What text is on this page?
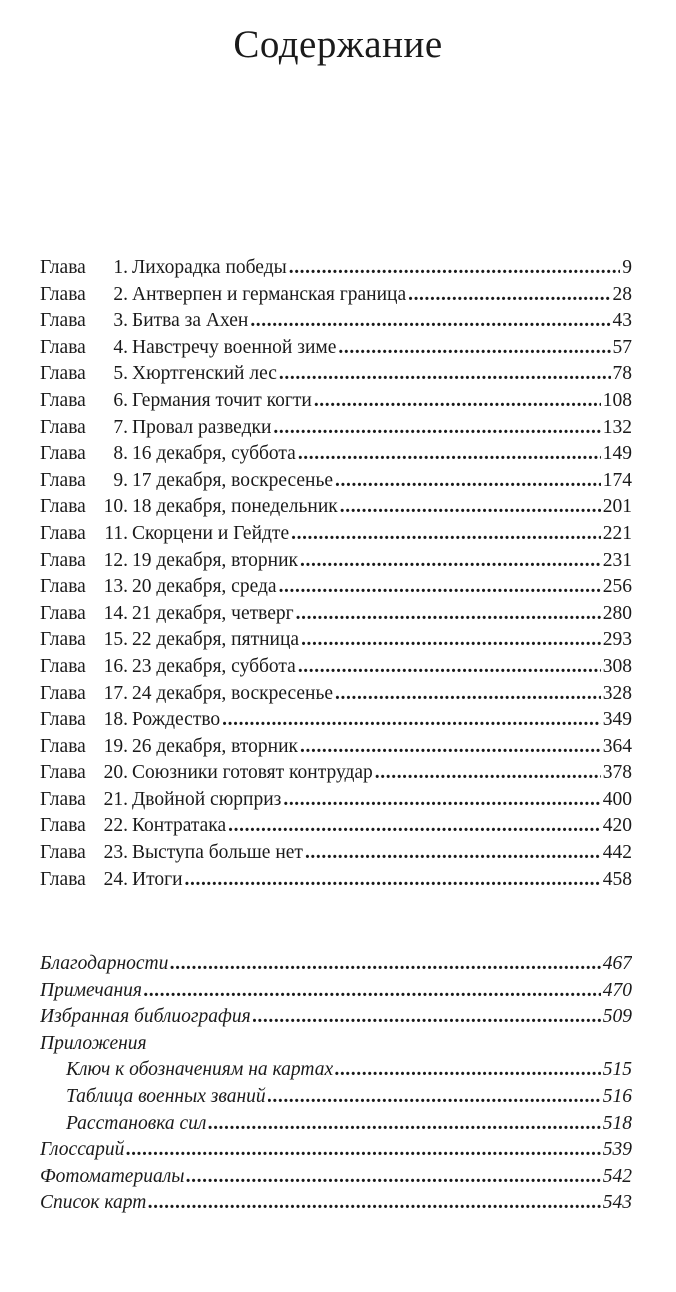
Содержание
Глава 1. Лихорадка победы .....	9
Глава 2. Антверпен и германская граница .....	28
Глава 3. Битва за Ахен .....	43
Глава 4. Навстречу военной зиме .....	57
Глава 5. Хюртгенский лес .....	78
Глава 6. Германия точит когти .....	108
Глава 7. Провал разведки .....	132
Глава 8. 16 декабря, суббота .....	149
Глава 9. 17 декабря, воскресенье .....	174
Глава 10. 18 декабря, понедельник .....	201
Глава 11. Скорцени и Гейдте .....	221
Глава 12. 19 декабря, вторник .....	231
Глава 13. 20 декабря, среда .....	256
Глава 14. 21 декабря, четверг .....	280
Глава 15. 22 декабря, пятница .....	293
Глава 16. 23 декабря, суббота .....	308
Глава 17. 24 декабря, воскресенье .....	328
Глава 18. Рождество .....	349
Глава 19. 26 декабря, вторник .....	364
Глава 20. Союзники готовят контрудар .....	378
Глава 21. Двойной сюрприз .....	400
Глава 22. Контратака .....	420
Глава 23. Выступа больше нет .....	442
Глава 24. Итоги .....	458
Благодарности .....	467
Примечания .....	470
Избранная библиография .....	509
Приложения
Ключ к обозначениям на картах .....	515
Таблица военных званий .....	516
Расстановка сил .....	518
Глоссарий .....	539
Фотоматериалы .....	542
Список карт .....	543
